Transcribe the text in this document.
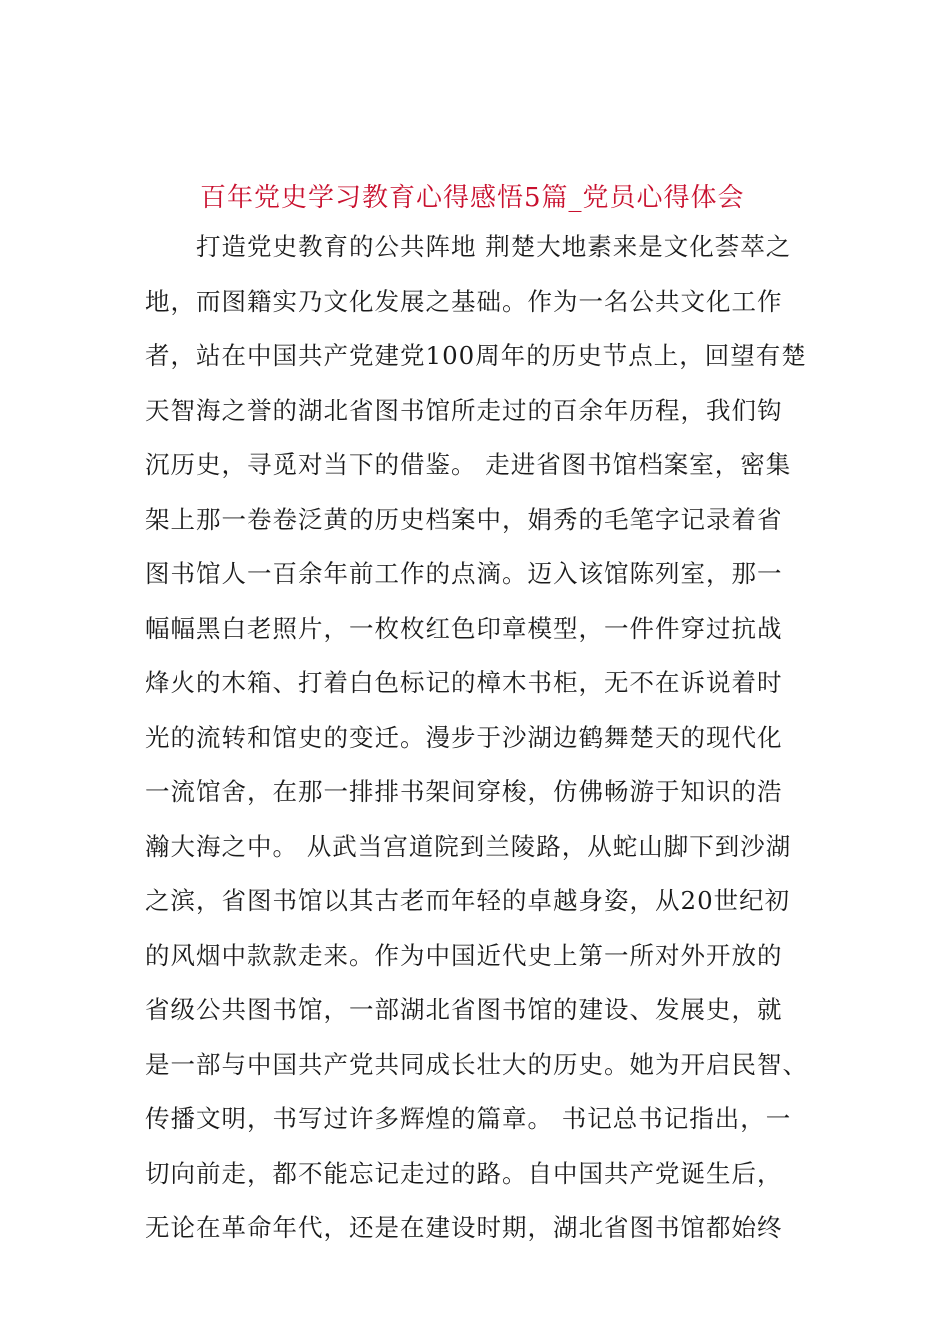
百年党史学习教育心得感悟5篇_党员心得体会
　　打造党史教育的公共阵地 荆楚大地素来是文化荟萃之
地，而图籍实乃文化发展之基础。作为一名公共文化工作
者，站在中国共产党建党100周年的历史节点上，回望有楚
天智海之誉的湖北省图书馆所走过的百余年历程，我们钩
沉历史，寻觅对当下的借鉴。 走进省图书馆档案室，密集
架上那一卷卷泛黄的历史档案中，娟秀的毛笔字记录着省
图书馆人一百余年前工作的点滴。迈入该馆陈列室，那一
幅幅黑白老照片，一枚枚红色印章模型，一件件穿过抗战
烽火的木箱、打着白色标记的樟木书柜，无不在诉说着时
光的流转和馆史的变迁。漫步于沙湖边鹤舞楚天的现代化
一流馆舍，在那一排排书架间穿梭，仿佛畅游于知识的浩
瀚大海之中。 从武当宫道院到兰陵路，从蛇山脚下到沙湖
之滨，省图书馆以其古老而年轻的卓越身姿，从20世纪初
的风烟中款款走来。作为中国近代史上第一所对外开放的
省级公共图书馆，一部湖北省图书馆的建设、发展史，就
是一部与中国共产党共同成长壮大的历史。她为开启民智、
传播文明，书写过许多辉煌的篇章。 书记总书记指出，一
切向前走，都不能忘记走过的路。自中国共产党诞生后，
无论在革命年代，还是在建设时期，湖北省图书馆都始终
